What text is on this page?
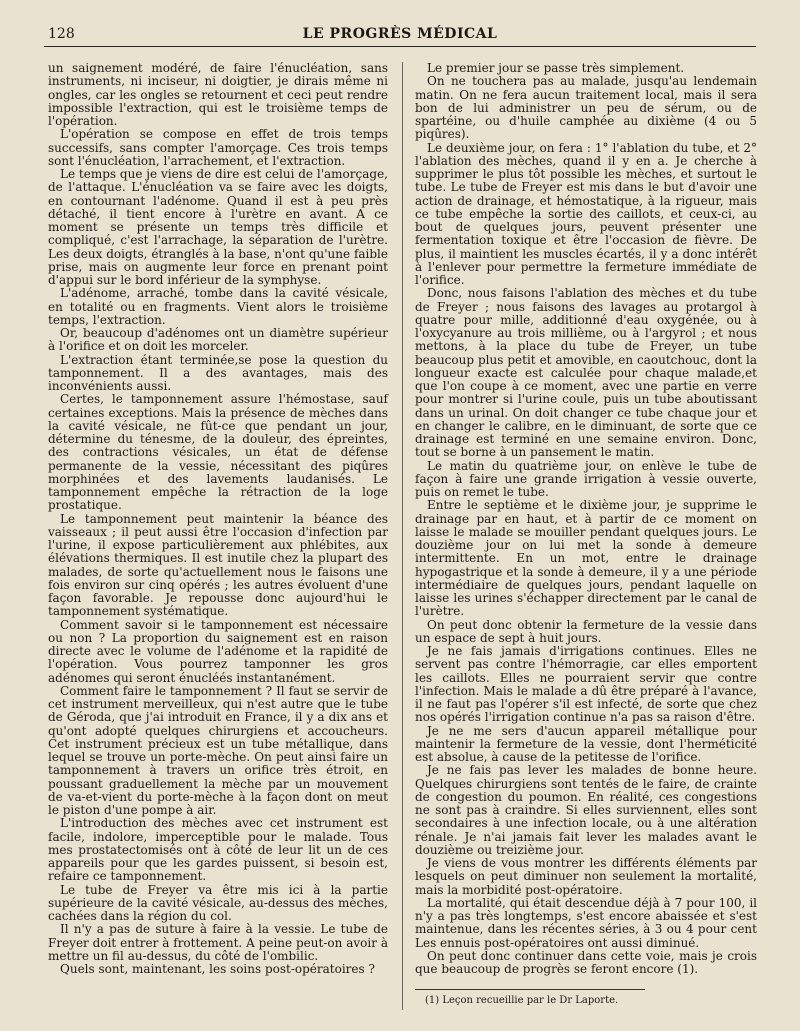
128	LE PROGRÈS MÉDICAL

un saignement modéré, de faire l'énucléation, sans instruments, ni inciseur, ni doigtier, je dirais même ni ongles, car les ongles se retournent et ceci peut rendre impossible l'extraction, qui est le troisième temps de l'opération.

L'opération se compose en effet de trois temps successifs, sans compter l'amorçage. Ces trois temps sont l'énucléation, l'arrachement, et l'extraction.

Le temps que je viens de dire est celui de l'amorçage, de l'attaque. L'énucléation va se faire avec les doigts, en contournant l'adénome. Quand il est à peu près détaché, il tient encore à l'urètre en avant. A ce moment se présente un temps très difficile et compliqué, c'est l'arrachage, la séparation de l'urètre. Les deux doigts, étranglés à la base, n'ont qu'une faible prise, mais on augmente leur force en prenant point d'appui sur le bord inférieur de la symphyse.

L'adénome, arraché, tombe dans la cavité vésicale, en totalité ou en fragments. Vient alors le troisième temps, l'extraction.

Or, beaucoup d'adénomes ont un diamètre supérieur à l'orifice et on doit les morceler.

L'extraction étant terminée,se pose la question du tamponnement. Il a des avantages, mais des inconvénients aussi.

Certes, le tamponnement assure l'hémostase, sauf certaines exceptions. Mais la présence de mèches dans la cavité vésicale, ne fût-ce que pendant un jour, détermine du ténesme, de la douleur, des épreintes, des contractions vésicales, un état de défense permanente de la vessie, nécessitant des piqûres morphinées et des lavements laudanisés. Le tamponnement empêche la rétraction de la loge prostatique.

Le tamponnement peut maintenir la béance des vaisseaux ; il peut aussi être l'occasion d'infection par l'urine, il expose particulièrement aux phlébites, aux élévations thermiques. Il est inutile chez la plupart des malades, de sorte qu'actuellement nous le faisons une fois environ sur cinq opérés ; les autres évoluent d'une façon favorable. Je repousse donc aujourd'hui le tamponnement systématique.

Comment savoir si le tamponnement est nécessaire ou non ? La proportion du saignement est en raison directe avec le volume de l'adénome et la rapidité de l'opération. Vous pourrez tamponner les gros adénomes qui seront énucléés instantanément.

Comment faire le tamponnement ? Il faut se servir de cet instrument merveilleux, qui n'est autre que le tube de Géroda, que j'ai introduit en France, il y a dix ans et qu'ont adopté quelques chirurgiens et accoucheurs. Cet instrument précieux est un tube métallique, dans lequel se trouve un porte-mèche. On peut ainsi faire un tamponnement à travers un orifice très étroit, en poussant graduellement la mèche par un mouvement de va-et-vient du porte-mèche à la façon dont on meut le piston d'une pompe à air.

L'introduction des mèches avec cet instrument est facile, indolore, imperceptible pour le malade. Tous mes prostatectomisés ont à côté de leur lit un de ces appareils pour que les gardes puissent, si besoin est, refaire ce tamponnement.

Le tube de Freyer va être mis ici à la partie supérieure de la cavité vésicale, au-dessus des mèches, cachées dans la région du col.

Il n'y a pas de suture à faire à la vessie. Le tube de Freyer doit entrer à frottement. A peine peut-on avoir à mettre un fil au-dessus, du côté de l'ombilic.

Quels sont, maintenant, les soins post-opératoires ?

Le premier jour se passe très simplement.

On ne touchera pas au malade, jusqu'au lendemain matin. On ne fera aucun traitement local, mais il sera bon de lui administrer un peu de sérum, ou de spartéine, ou d'huile camphée au dixième (4 ou 5 piqûres).

Le deuxième jour, on fera : 1° l'ablation du tube, et 2° l'ablation des mèches, quand il y en a. Je cherche à supprimer le plus tôt possible les mèches, et surtout le tube. Le tube de Freyer est mis dans le but d'avoir une action de drainage, et hémostatique, à la rigueur, mais ce tube empêche la sortie des caillots, et ceux-ci, au bout de quelques jours, peuvent présenter une fermentation toxique et être l'occasion de fièvre. De plus, il maintient les muscles écartés, il y a donc intérêt à l'enlever pour permettre la fermeture immédiate de l'orifice.

Donc, nous faisons l'ablation des mèches et du tube de Freyer ; nous faisons des lavages au protargol à quatre pour mille, additionné d'eau oxygénée, ou à l'oxycyanure au trois millième, ou à l'argyrol ; et nous mettons, à la place du tube de Freyer, un tube beaucoup plus petit et amovible, en caoutchouc, dont la longueur exacte est calculée pour chaque malade,et que l'on coupe à ce moment, avec une partie en verre pour montrer si l'urine coule, puis un tube aboutissant dans un urinal. On doit changer ce tube chaque jour et en changer le calibre, en le diminuant, de sorte que ce drainage est terminé en une semaine environ. Donc, tout se borne à un pansement le matin.

Le matin du quatrième jour, on enlève le tube de façon à faire une grande irrigation à vessie ouverte, puis on remet le tube.

Entre le septième et le dixième jour, je supprime le drainage par en haut, et à partir de ce moment on laisse le malade se mouiller pendant quelques jours. Le douzième jour on lui met la sonde à demeure intermittente. En un mot, entre le drainage hypogastrique et la sonde à demeure, il y a une période intermédiaire de quelques jours, pendant laquelle on laisse les urines s'échapper directement par le canal de l'urètre.

On peut donc obtenir la fermeture de la vessie dans un espace de sept à huit jours.

Je ne fais jamais d'irrigations continues. Elles ne servent pas contre l'hémorragie, car elles emportent les caillots. Elles ne pourraient servir que contre l'infection. Mais le malade a dû être préparé à l'avance, il ne faut pas l'opérer s'il est infecté, de sorte que chez nos opérés l'irrigation continue n'a pas sa raison d'être.

Je ne me sers d'aucun appareil métallique pour maintenir la fermeture de la vessie, dont l'herméticité est absolue, à cause de la petitesse de l'orifice.

Je ne fais pas lever les malades de bonne heure. Quelques chirurgiens sont tentés de le faire, de crainte de congestion du poumon. En réalité, ces congestions ne sont pas à craindre. Si elles surviennent, elles sont secondaires à une infection locale, ou à une altération rénale. Je n'ai jamais fait lever les malades avant le douzième ou treizième jour.

Je viens de vous montrer les différents éléments par lesquels on peut diminuer non seulement la mortalité, mais la morbidité post-opératoire.

La mortalité, qui était descendue déjà à 7 pour 100, il n'y a pas très longtemps, s'est encore abaissée et s'est maintenue, dans les récentes séries, à 3 ou 4 pour cent Les ennuis post-opératoires ont aussi diminué.

On peut donc continuer dans cette voie, mais je crois que beaucoup de progrès se feront encore (1).

(1) Leçon recueillie par le Dr Laporte.
